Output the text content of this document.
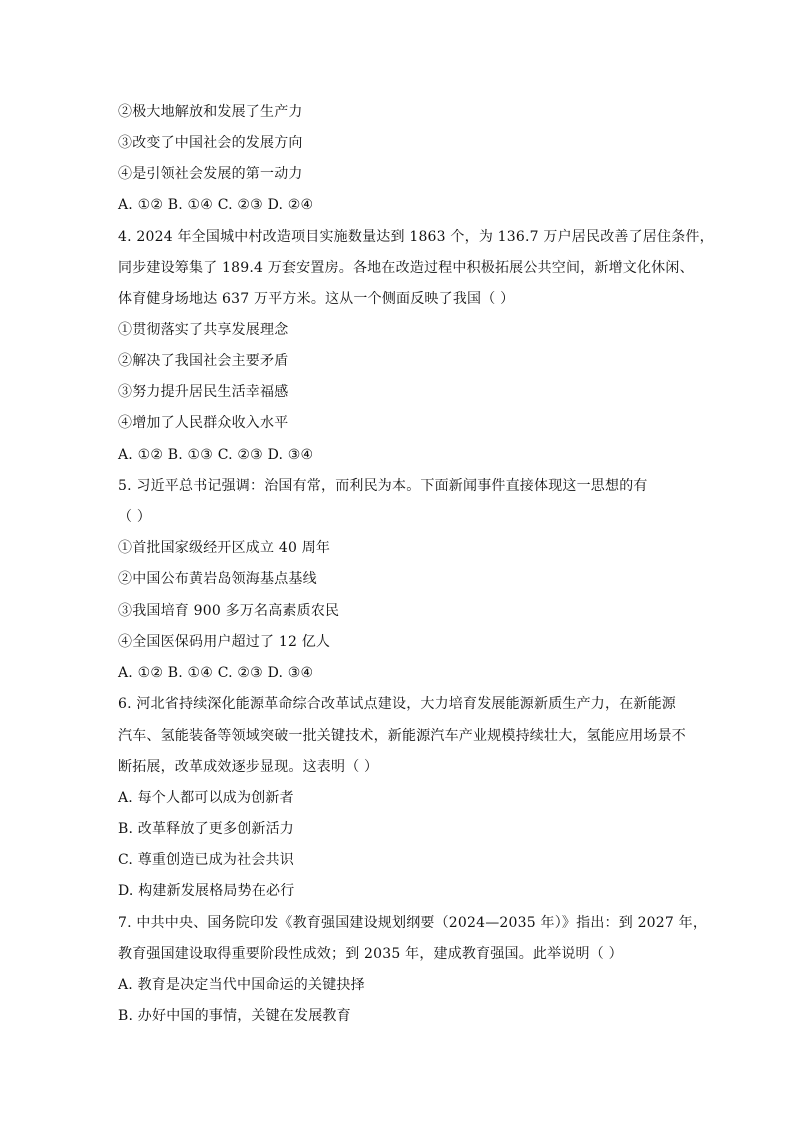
②极大地解放和发展了生产力
③改变了中国社会的发展方向
④是引领社会发展的第一动力
A. ①② B. ①④ C. ②③ D. ②④
4. 2024 年全国城中村改造项目实施数量达到 1863 个，为 136.7 万户居民改善了居住条件，
同步建设筹集了 189.4 万套安置房。各地在改造过程中积极拓展公共空间，新增文化休闲、
体育健身场地达 637 万平方米。这从一个侧面反映了我国（ ）
①贯彻落实了共享发展理念
②解决了我国社会主要矛盾
③努力提升居民生活幸福感
④增加了人民群众收入水平
A. ①② B. ①③ C. ②③ D. ③④
5. 习近平总书记强调：治国有常，而利民为本。下面新闻事件直接体现这一思想的有
（ ）
①首批国家级经开区成立 40 周年
②中国公布黄岩岛领海基点基线
③我国培育 900 多万名高素质农民
④全国医保码用户超过了 12 亿人
A. ①② B. ①④ C. ②③ D. ③④
6. 河北省持续深化能源革命综合改革试点建设，大力培育发展能源新质生产力，在新能源
汽车、氢能装备等领域突破一批关键技术，新能源汽车产业规模持续壮大，氢能应用场景不
断拓展，改革成效逐步显现。这表明（ ）
A. 每个人都可以成为创新者
B. 改革释放了更多创新活力
C. 尊重创造已成为社会共识
D. 构建新发展格局势在必行
7. 中共中央、国务院印发《教育强国建设规划纲要（2024—2035 年）》指出：到 2027 年，
教育强国建设取得重要阶段性成效；到 2035 年，建成教育强国。此举说明（ ）
A. 教育是决定当代中国命运的关键抉择
B. 办好中国的事情，关键在发展教育
